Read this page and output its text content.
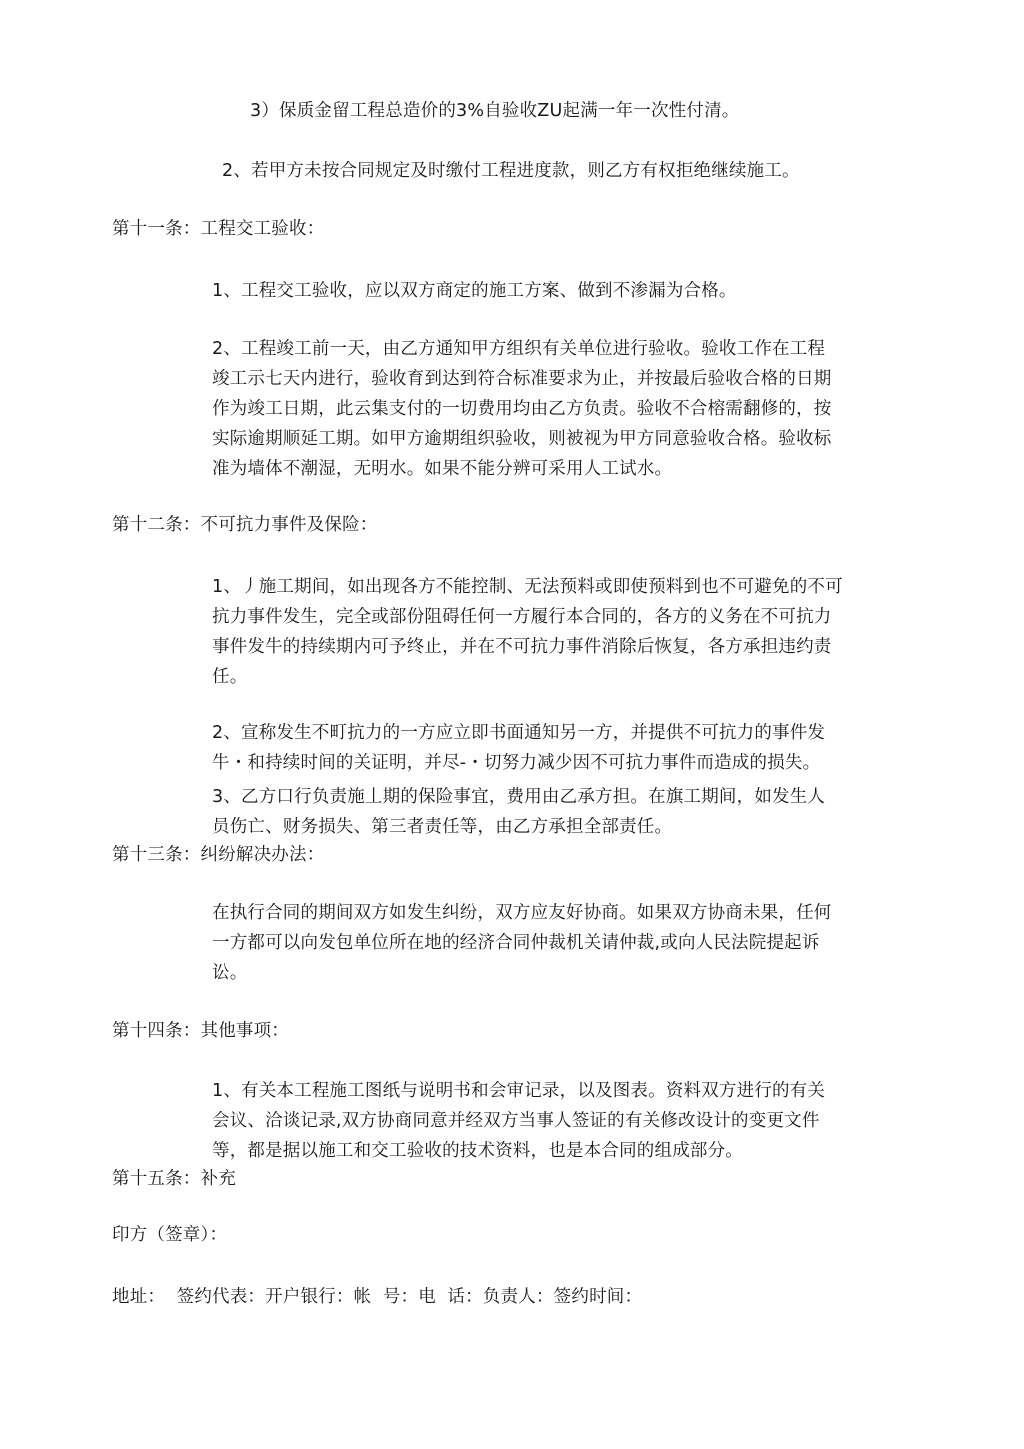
3）保质金留工程总造价的3%自验收ZU起满一年一次性付清。
2、若甲方未按合同规定及时缴付工程进度款，则乙方有权拒绝继续施工。
第十一条：工程交工验收：
1、工程交工验收，应以双方商定的施工方案、做到不渗漏为合格。

2、工程竣工前一天，由乙方通知甲方组织有关单位进行验收。验收工作在工程

竣工示七天内进行，验收育到达到符合标准要求为止，并按最后验收合格的日期

作为竣工日期，此云集支付的一切费用均由乙方负责。验收不合榕需翻修的，按

实际逾期顺延工期。如甲方逾期组织验收，则被视为甲方同意验收合格。验收标

准为墙体不潮湿，无明水。如果不能分辨可采用人工试水。

第十二条：不可抗力事件及保险：

1、丿施工期间，如出现各方不能控制、无法预料或即使预料到也不可避免的不可

抗力事件发生，完全或部份阻碍任何一方履行本合同的，各方的义务在不可抗力

事件发牛的持续期内可予终止，并在不可抗力事件消除后恢复，各方承担违约责

任。

2、宣称发生不町抗力的一方应立即书面通知另一方，并提供不可抗力的事件发

牛・和持续时间的关证明，并尽-・切努力减少因不可抗力事件而造成的损失。

3、乙方口行负责施丄期的保险事宜，费用由乙承方担。在旗工期间，如发生人

员伤亡、财务损失、第三者责任等，由乙方承担全部责任。

第十三条：纠纷解决办法：

在执行合同的期间双方如发生纠纷，双方应友好协商。如果双方协商未果，任何

一方都可以向发包单位所在地的经济合同仲裁机关请仲裁,或向人民法院提起诉

讼。

第十四条：其他事项：

1、有关本工程施工图纸与说明书和会审记录，以及图表。资料双方进行的有关

会议、洽谈记录,双方协商同意并经双方当事人签证的有关修改设计的变更文件

等，都是据以施工和交工验收的技术资料，也是本合同的组成部分。

第十五条：补充
印方（签章）：
地址：  签约代表：开户银行：帐  号：电  话：负责人：签约时间：
